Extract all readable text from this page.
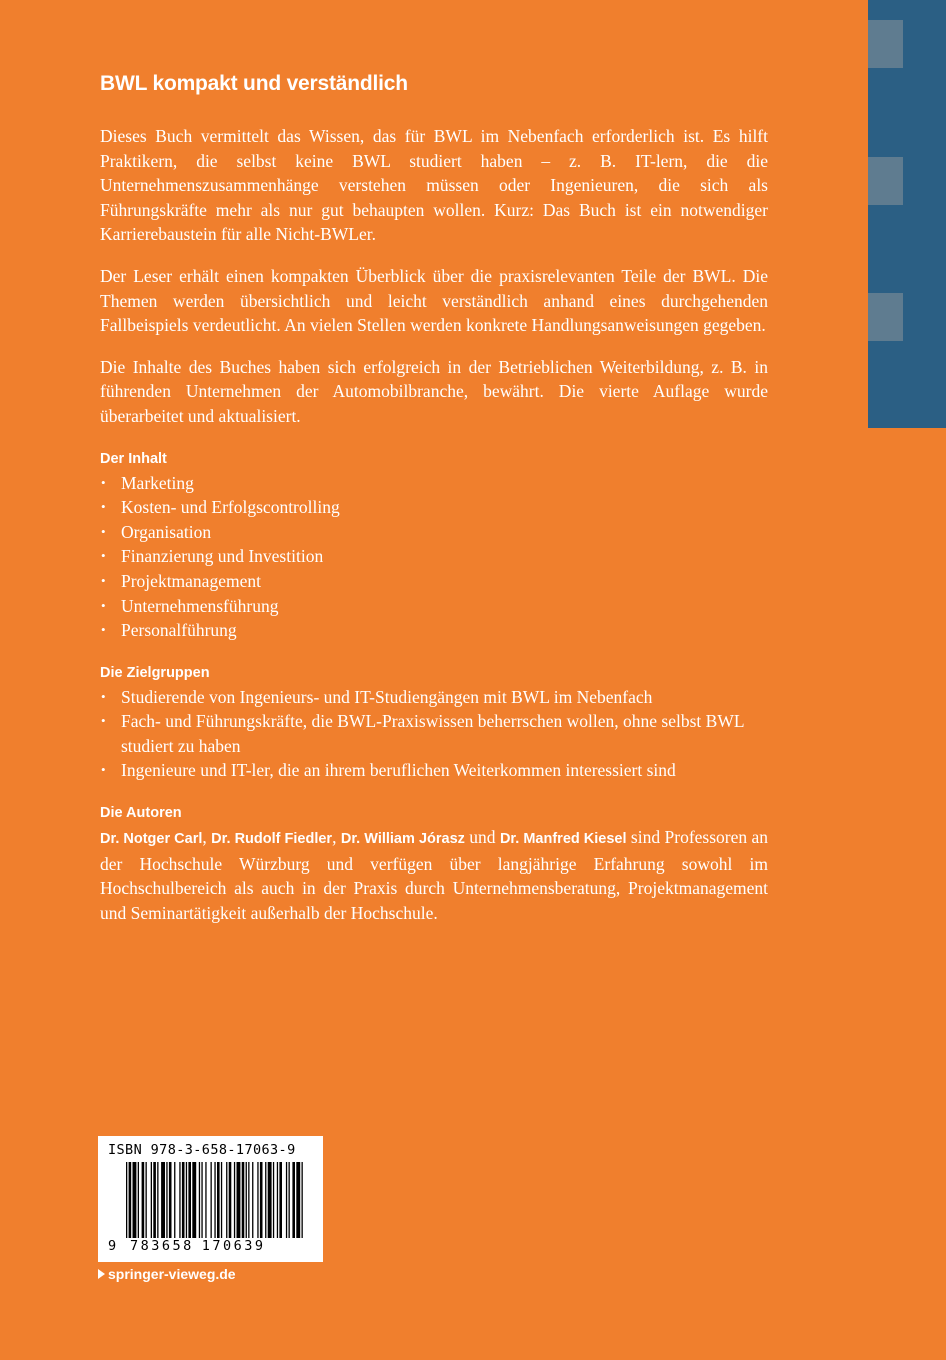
BWL kompakt und verständlich

Dieses Buch vermittelt das Wissen, das für BWL im Nebenfach erforderlich ist. Es hilft Praktikern, die selbst keine BWL studiert haben – z. B. IT-lern, die die Unternehmenszusammenhänge verstehen müssen oder Ingenieuren, die sich als Führungskräfte mehr als nur gut behaupten wollen. Kurz: Das Buch ist ein notwendiger Karrierebaustein für alle Nicht-BWLer.

Der Leser erhält einen kompakten Überblick über die praxisrelevanten Teile der BWL. Die Themen werden übersichtlich und leicht verständlich anhand eines durchgehenden Fallbeispiels verdeutlicht. An vielen Stellen werden konkrete Handlungsanweisungen gegeben.

Die Inhalte des Buches haben sich erfolgreich in der Betrieblichen Weiterbildung, z. B. in führenden Unternehmen der Automobilbranche, bewährt. Die vierte Auflage wurde überarbeitet und aktualisiert.

Der Inhalt
• Marketing
• Kosten- und Erfolgscontrolling
• Organisation
• Finanzierung und Investition
• Projektmanagement
• Unternehmensführung
• Personalführung
Die Zielgruppen
• Studierende von Ingenieurs- und IT-Studiengängen mit BWL im Nebenfach
• Fach- und Führungskräfte, die BWL-Praxiswissen beherrschen wollen, ohne selbst BWL studiert zu haben
• Ingenieure und IT-ler, die an ihrem beruflichen Weiterkommen interessiert sind
Die Autoren

Dr. Notger Carl, Dr. Rudolf Fiedler, Dr. William Jórasz und Dr. Manfred Kiesel sind Professoren an der Hochschule Würzburg und verfügen über langjährige Erfahrung sowohl im Hochschulbereich als auch in der Praxis durch Unternehmensberatung, Projektmanagement und Seminartätigkeit außerhalb der Hochschule.

ISBN 978-3-658-17063-9
9 783658 170639
springer-vieweg.de
